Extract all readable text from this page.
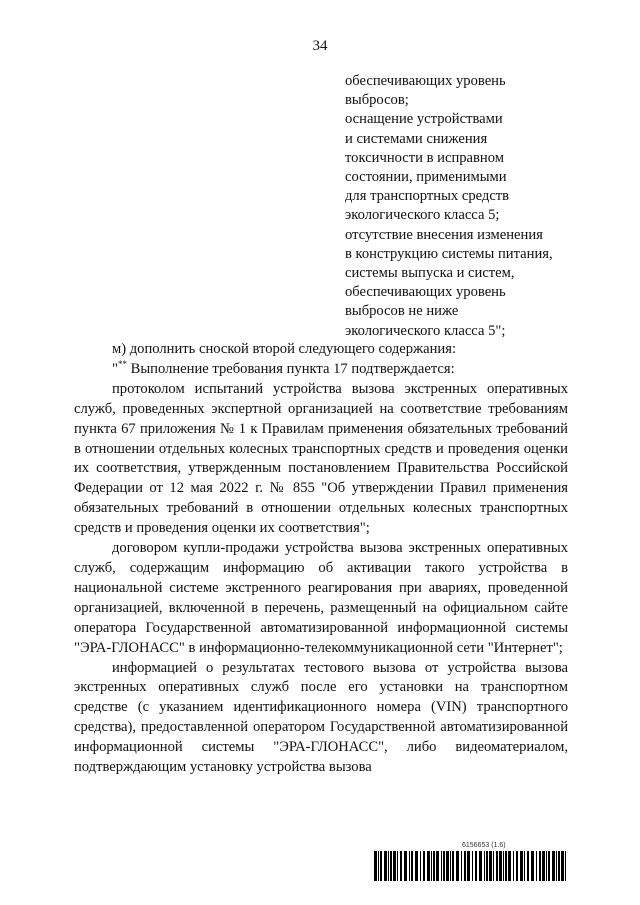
34
обеспечивающих уровень
выбросов;
оснащение устройствами
и системами снижения
токсичности в исправном
состоянии, применимыми
для транспортных средств
экологического класса 5;
отсутствие внесения изменения
в конструкцию системы питания,
системы выпуска и систем,
обеспечивающих уровень
выбросов не ниже
экологического класса 5";

м) дополнить сноской второй следующего содержания:

"** Выполнение требования пункта 17 подтверждается:

протоколом испытаний устройства вызова экстренных оперативных служб, проведенных экспертной организацией на соответствие требованиям пункта 67 приложения № 1 к Правилам применения обязательных требований в отношении отдельных колесных транспортных средств и проведения оценки их соответствия, утвержденным постановлением Правительства Российской Федерации от 12 мая 2022 г. № 855 "Об утверждении Правил применения обязательных требований в отношении отдельных колесных транспортных средств и проведения оценки их соответствия";

договором купли-продажи устройства вызова экстренных оперативных служб, содержащим информацию об активации такого устройства в национальной системе экстренного реагирования при авариях, проведенной организацией, включенной в перечень, размещенный на официальном сайте оператора Государственной автоматизированной информационной системы "ЭРА-ГЛОНАСС" в информационно-телекоммуникационной сети "Интернет";

информацией о результатах тестового вызова от устройства вызова экстренных оперативных служб после его установки на транспортном средстве (с указанием идентификационного номера (VIN) транспортного средства), предоставленной оператором Государственной автоматизированной информационной системы "ЭРА-ГЛОНАСС", либо видеоматериалом, подтверждающим установку устройства вызова

6156653 (1.6)
